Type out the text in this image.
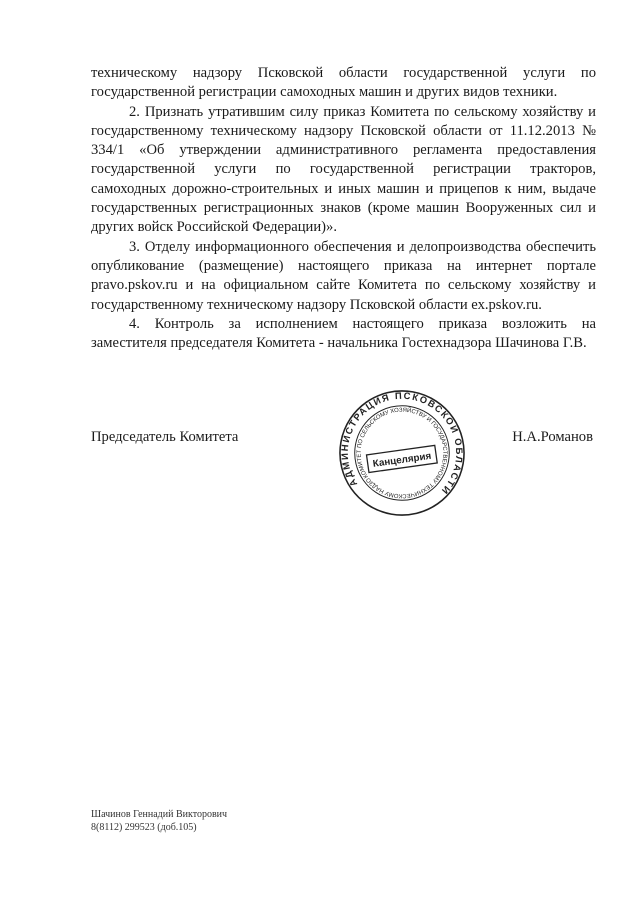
техническому надзору Псковской области государственной услуги по государственной регистрации самоходных машин и других видов техники.

2. Признать утратившим силу приказ Комитета по сельскому хозяйству и государственному техническому надзору Псковской области от 11.12.2013 № 334/1 «Об утверждении административного регламента предоставления государственной услуги по государственной регистрации тракторов, самоходных дорожно-строительных и иных машин и прицепов к ним, выдаче государственных регистрационных знаков (кроме машин Вооруженных сил и других войск Российской Федерации)».

3. Отделу информационного обеспечения и делопроизводства обеспечить опубликование (размещение) настоящего приказа на интернет портале pravo.pskov.ru и на официальном сайте Комитета по сельскому хозяйству и государственному техническому надзору Псковской области ех.pskov.ru.

4. Контроль за исполнением настоящего приказа возложить на заместителя председателя Комитета - начальника Гостехнадзора Шачинова Г.В.

Председатель Комитета	Н.А.Романов
АДМИНИСТРАЦИЯ ПСКОВСКОЙ ОБЛАСТИ
КОМИТЕТ ПО СЕЛЬСКОМУ ХОЗЯЙСТВУ И ГОСУДАРСТВЕННОМУ ТЕХНИЧЕСКОМУ НАДЗОРУ
Канцелярия
Шачинов Геннадий Викторович
8(8112) 299523 (доб.105)
